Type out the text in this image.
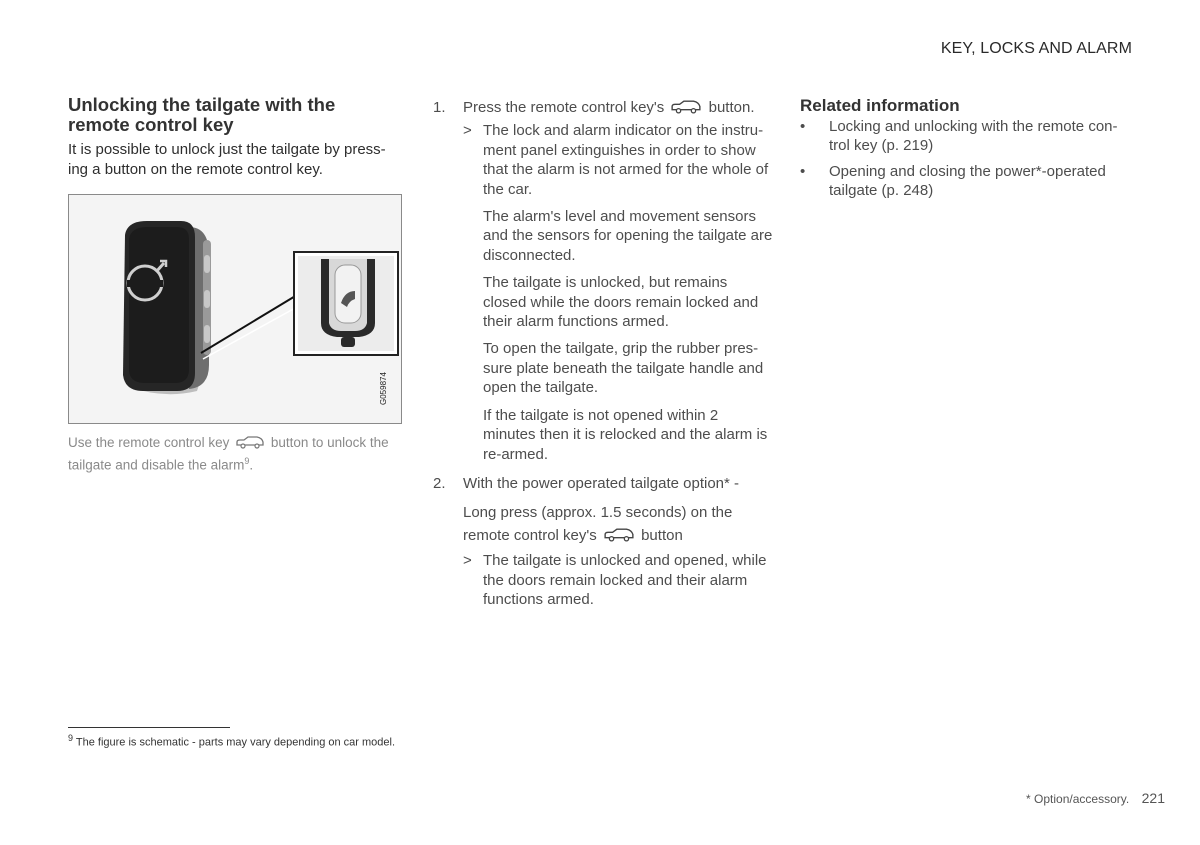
KEY, LOCKS AND ALARM
Unlocking the tailgate with the remote control key
It is possible to unlock just the tailgate by press-ing a button on the remote control key.
G059874
Use the remote control key	button to unlock the tailgate and disable the alarm$^9$.
1. Press the remote control key's	button.
> The lock and alarm indicator on the instru-ment panel extinguishes in order to show that the alarm is not armed for the whole of the car.
The alarm's level and movement sensors and the sensors for opening the tailgate are disconnected.
The tailgate is unlocked, but remains closed while the doors remain locked and their alarm functions armed.
To open the tailgate, grip the rubber pres-sure plate beneath the tailgate handle and open the tailgate.
If the tailgate is not opened within 2 minutes then it is relocked and the alarm is re-armed.
2. With the power operated tailgate option* -
Long press (approx. 1.5 seconds) on the remote control key's	button
> The tailgate is unlocked and opened, while the doors remain locked and their alarm functions armed.
Related information
• Locking and unlocking with the remote con-trol key (p. 219)
• Opening and closing the power*-operated tailgate (p. 248)
$^9$ The figure is schematic - parts may vary depending on car model.
* Option/accessory. 221
